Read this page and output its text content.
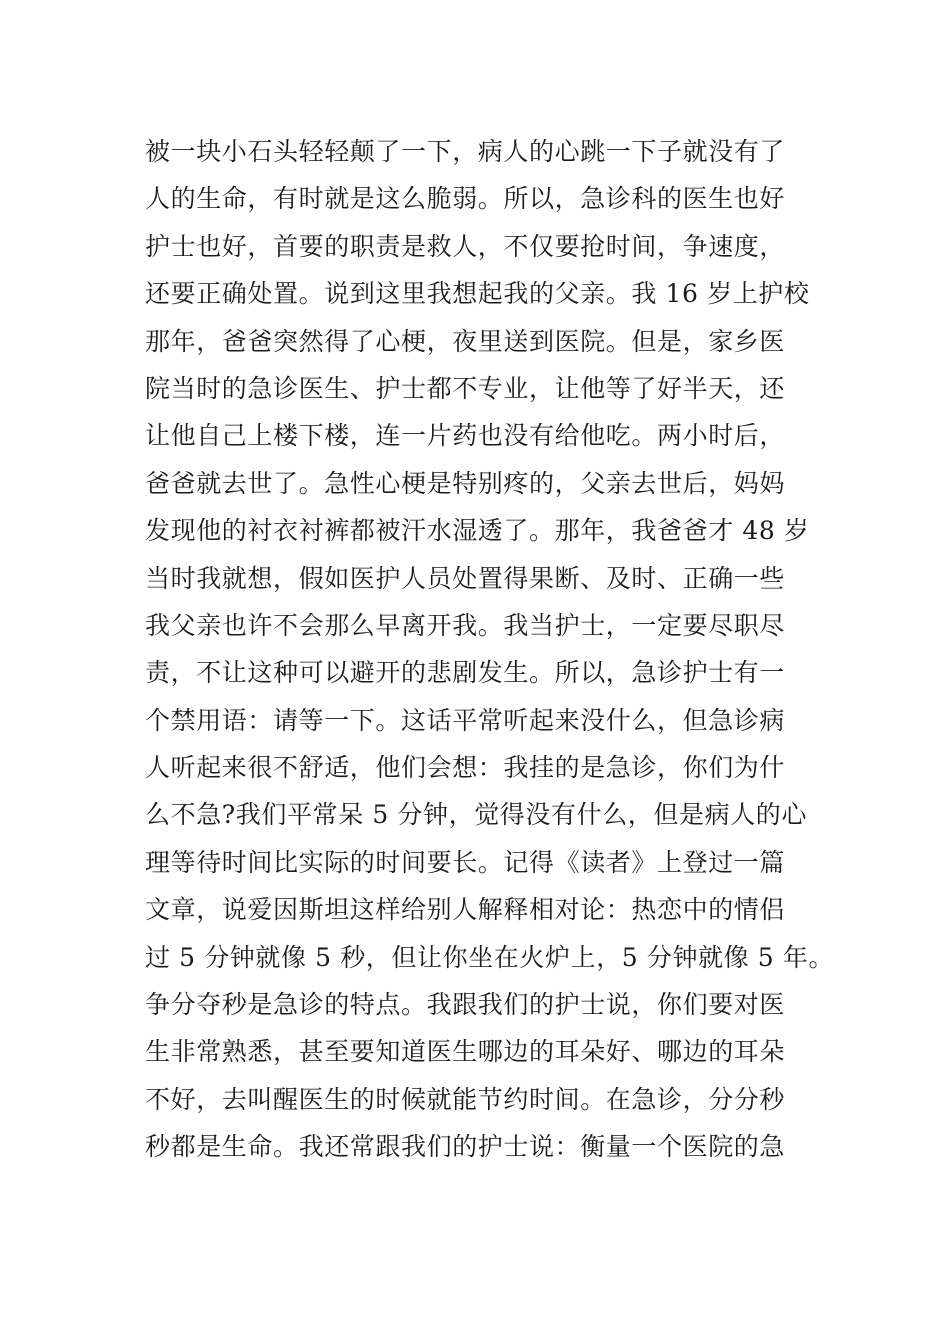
被一块小石头轻轻颠了一下，病人的心跳一下子就没有了
人的生命，有时就是这么脆弱。所以，急诊科的医生也好
护士也好，首要的职责是救人，不仅要抢时间，争速度，
还要正确处置。说到这里我想起我的父亲。我 16 岁上护校
那年，爸爸突然得了心梗，夜里送到医院。但是，家乡医
院当时的急诊医生、护士都不专业，让他等了好半天，还
让他自己上楼下楼，连一片药也没有给他吃。两小时后，
爸爸就去世了。急性心梗是特别疼的，父亲去世后，妈妈
发现他的衬衣衬裤都被汗水湿透了。那年，我爸爸才 48 岁
当时我就想，假如医护人员处置得果断、及时、正确一些
我父亲也许不会那么早离开我。我当护士，一定要尽职尽
责，不让这种可以避开的悲剧发生。所以，急诊护士有一
个禁用语：请等一下。这话平常听起来没什么，但急诊病
人听起来很不舒适，他们会想：我挂的是急诊，你们为什
么不急?我们平常呆 5 分钟，觉得没有什么，但是病人的心
理等待时间比实际的时间要长。记得《读者》上登过一篇
文章，说爱因斯坦这样给别人解释相对论：热恋中的情侣
过 5 分钟就像 5 秒，但让你坐在火炉上，5 分钟就像 5 年。
争分夺秒是急诊的特点。我跟我们的护士说，你们要对医
生非常熟悉，甚至要知道医生哪边的耳朵好、哪边的耳朵
不好，去叫醒医生的时候就能节约时间。在急诊，分分秒
秒都是生命。我还常跟我们的护士说：衡量一个医院的急
